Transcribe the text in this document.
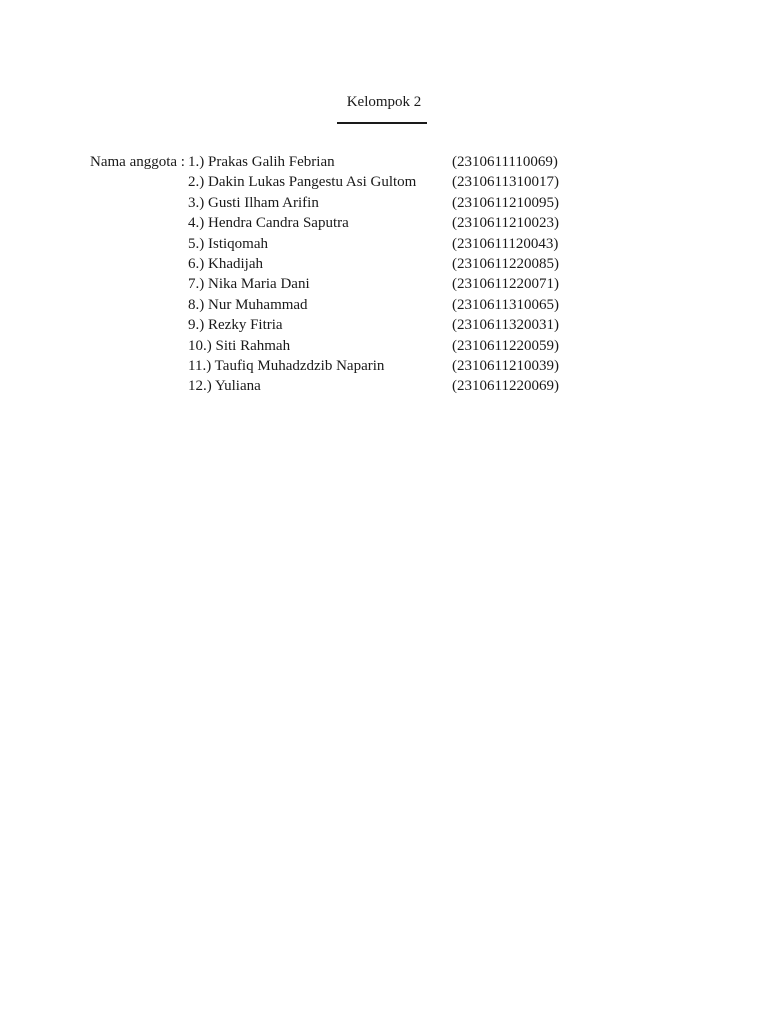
Kelompok 2
Nama anggota : 1.) Prakas Galih Febrian	(2310611110069)
2.) Dakin Lukas Pangestu Asi Gultom (2310611310017)
3.) Gusti Ilham Arifin	(2310611210095)
4.) Hendra Candra Saputra	(2310611210023)
5.) Istiqomah	(2310611120043)
6.) Khadijah	(2310611220085)
7.) Nika Maria Dani	(2310611220071)
8.) Nur Muhammad	(2310611310065)
9.) Rezky Fitria	(2310611320031)
10.) Siti Rahmah	(2310611220059)
11.) Taufiq Muhadzdzib Naparin	(2310611210039)
12.) Yuliana	(2310611220069)
